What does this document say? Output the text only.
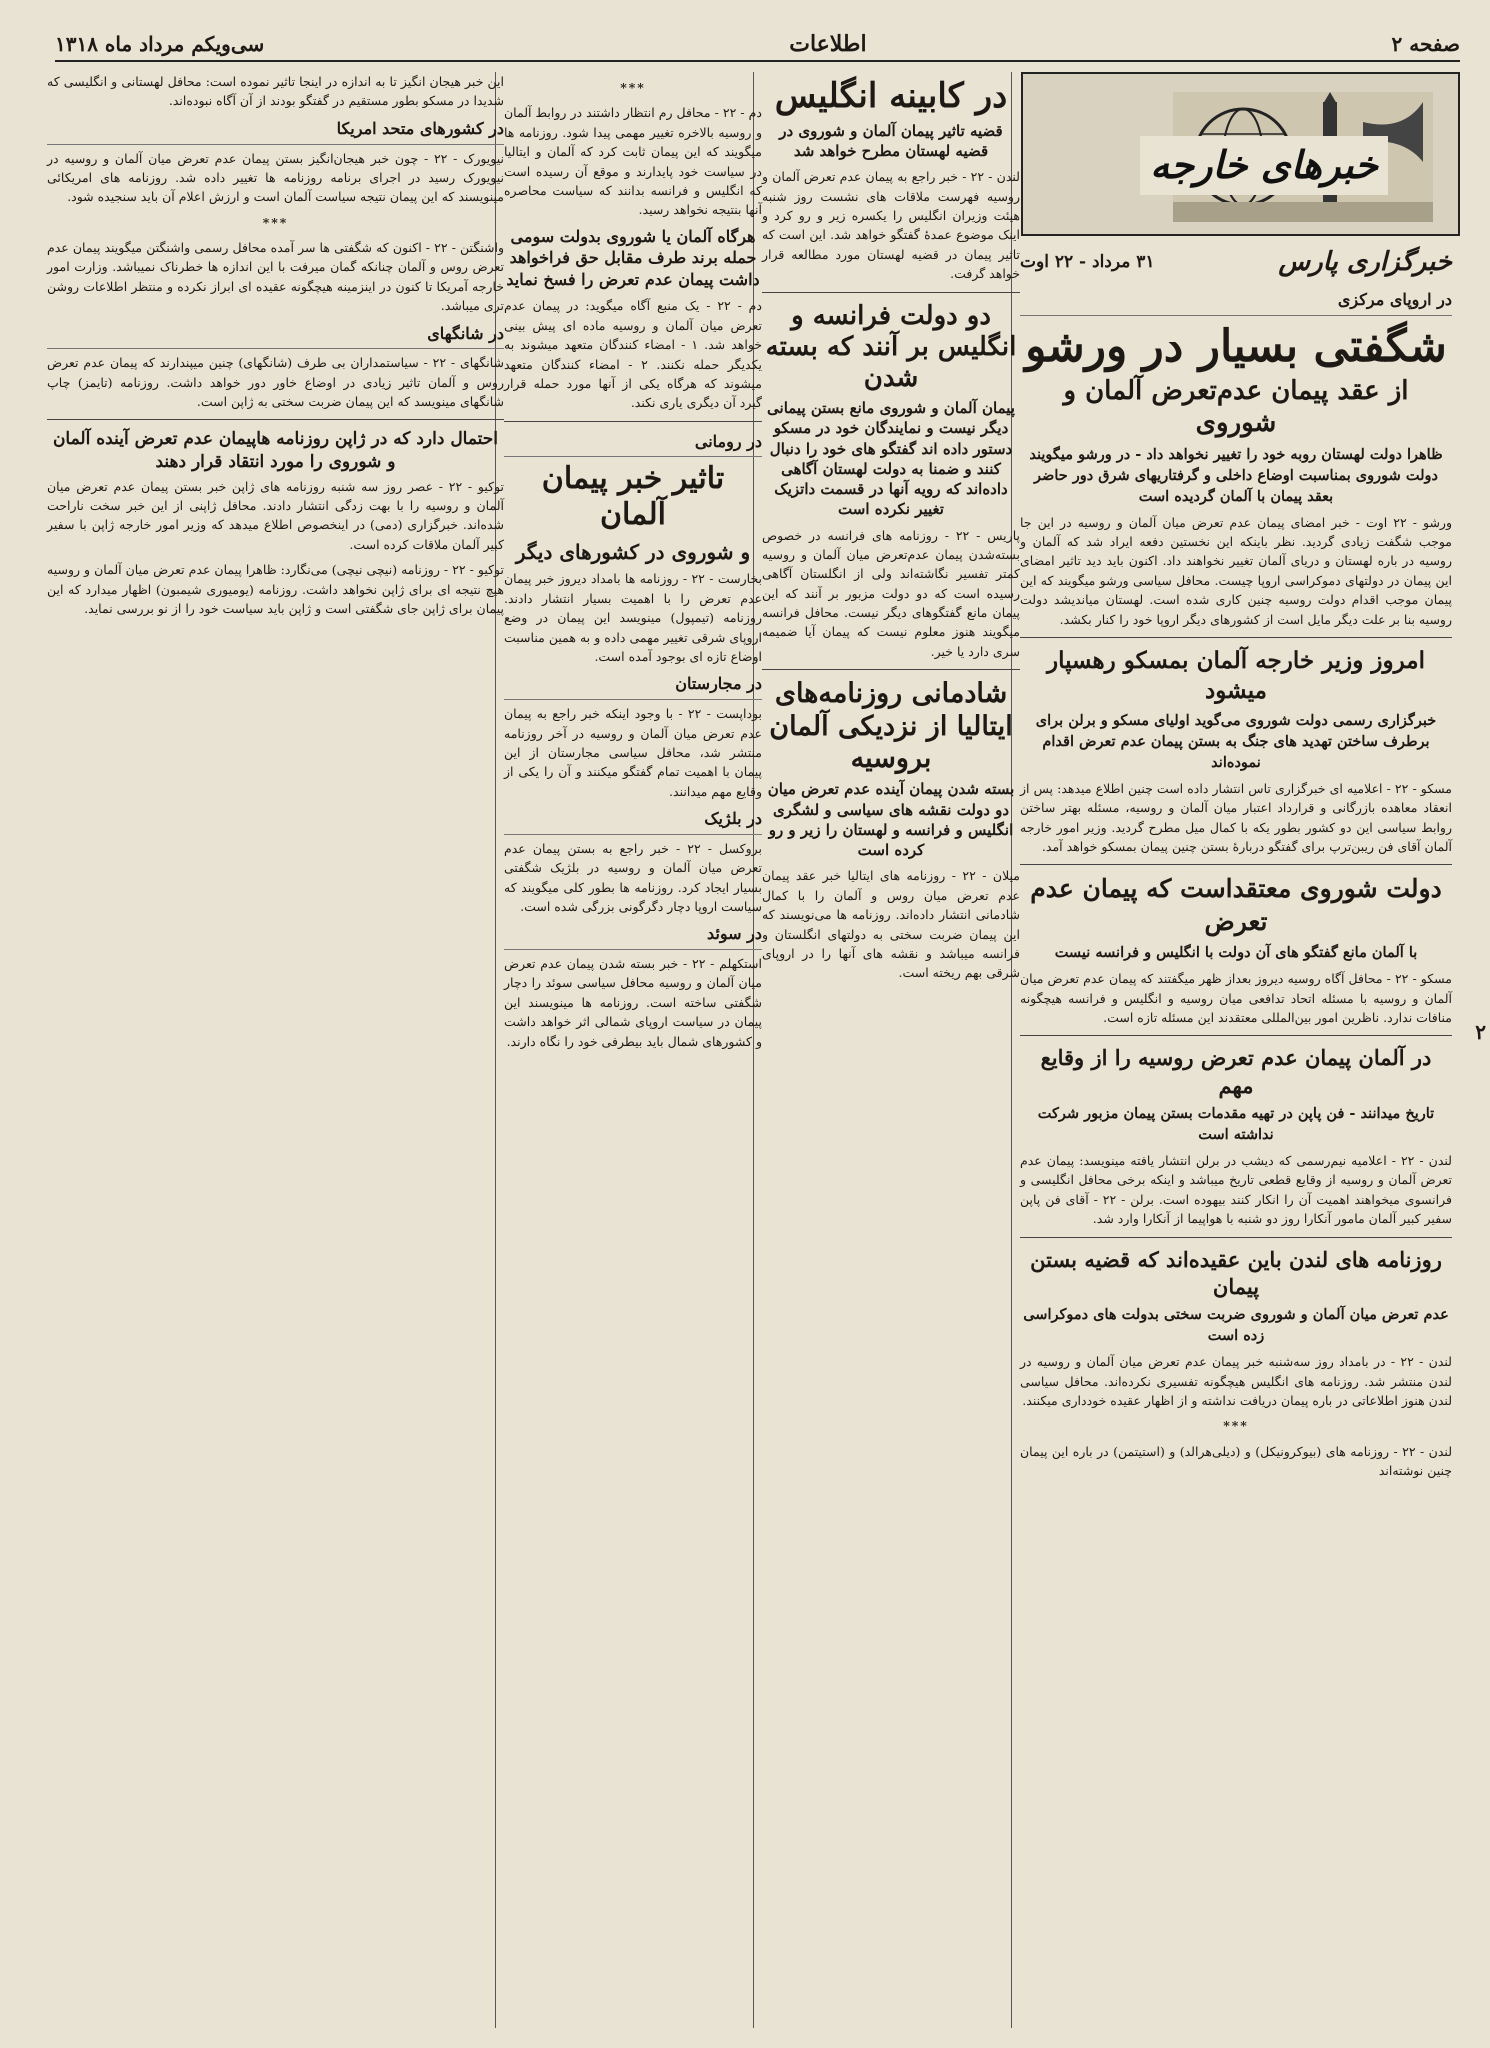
صفحه ۲
اطلاعات
سی‌ویکم مرداد ماه ۱۳۱۸
خبرهای خارجه
خبرگزاری پارس
۳۱ مرداد - ۲۲ اوت
در اروپای مرکزی
شگفتی بسیار در ورشو
از عقد پیمان عدم‌تعرض آلمان و شوروی
ظاهرا دولت لهستان روبه خود را تغییر نخواهد داد - در ورشو میگویند دولت شوروی بمناسبت اوضاع داخلی و گرفتاریهای شرق دور حاضر بعقد پیمان با آلمان گردیده است

ورشو - ۲۲ اوت - خبر امضای پیمان عدم تعرض میان آلمان و روسیه در این جا موجب شگفت زیادی گردید. نظر باینکه این نخستین دفعه ایراد شد که آلمان و روسیه در باره لهستان و دریای آلمان تغییر نخواهند داد. اکنون باید دید تاثیر امضای این پیمان در دولتهای دموکراسی اروپا چیست. محافل سیاسی ورشو میگویند که این پیمان موجب اقدام دولت روسیه چنین کاری شده است. لهستان میاندیشد دولت روسیه بنا بر علت دیگر مایل است از کشورهای دیگر اروپا خود را کنار بکشد.

امروز وزیر خارجه آلمان بمسکو رهسپار میشود
خبرگزاری رسمی دولت شوروی می‌گوید اولیای مسکو و برلن برای برطرف ساختن تهدید های جنگ به بستن پیمان عدم تعرض اقدام نموده‌اند

مسکو - ۲۲ - اعلامیه ای خبرگزاری تاس انتشار داده است چنین اطلاع میدهد: پس از انعقاد معاهده بازرگانی و قرارداد اعتبار میان آلمان و روسیه، مسئله بهتر ساختن روابط سیاسی این دو کشور بطور یکه با کمال میل مطرح گردید. وزیر امور خارجه آلمان آقای فن ریبن‌ترپ برای گفتگو دربارهٔ بستن چنین پیمان بمسکو خواهد آمد.

دولت شوروی معتقداست که پیمان عدم تعرض
با آلمان مانع گفتگو های آن دولت با انگلیس و فرانسه نیست

مسکو - ۲۲ - محافل آگاه روسیه دیروز بعداز ظهر میگفتند که پیمان عدم تعرض میان آلمان و روسیه با مسئله اتحاد تدافعی میان روسیه و انگلیس و فرانسه هیچگونه منافات ندارد. ناظرین امور بین‌المللی معتقدند این مسئله تازه است.

در آلمان پیمان عدم تعرض روسیه را از وقایع مهم
تاریخ میدانند - فن پاپن در تهیه مقدمات بستن پیمان مزبور شرکت نداشته است

لندن - ۲۲ - اعلامیه نیم‌رسمی که دیشب در برلن انتشار یافته مینویسد: پیمان عدم تعرض آلمان و روسیه از وقایع قطعی تاریخ میباشد و اینکه برخی محافل انگلیسی و فرانسوی میخواهند اهمیت آن را انکار کنند بیهوده است. برلن - ۲۲ - آقای فن پاپن سفیر کبیر آلمان مامور آنکارا روز دو شنبه با هواپیما از آنکارا وارد شد.

روزنامه های لندن باین عقیده‌اند که قضیه بستن پیمان
عدم تعرض میان آلمان و شوروی ضربت سختی بدولت های دموکراسی زده است

لندن - ۲۲ - در بامداد روز سه‌شنبه خبر پیمان عدم تعرض میان آلمان و روسیه در لندن منتشر شد. روزنامه های انگلیس هیچگونه تفسیری نکرده‌اند. محافل سیاسی لندن هنوز اطلاعاتی در باره پیمان دریافت نداشته و از اظهار عقیده خودداری میکنند.

***

لندن - ۲۲ - روزنامه های (بیوکرونیکل) و (دیلی‌هرالد) و (استیتمن) در باره این پیمان چنین نوشته‌اند

در کابینه انگلیس
قضیه تاثیر پیمان آلمان و شوروی در قضیه لهستان مطرح خواهد شد

لندن - ۲۲ - خبر راجع به پیمان عدم تعرض آلمان و روسیه فهرست ملاقات های نشست روز شنبه هیئت وزیران انگلیس را یکسره زیر و رو کرد و اینک موضوع عمدهٔ گفتگو خواهد شد. این است که تاثیر پیمان در قضیه لهستان مورد مطالعه قرار خواهد گرفت.

دو دولت فرانسه و انگلیس بر آنند که بسته شدن
پیمان آلمان و شوروی مانع بستن پیمانی دیگر نیست و نمایندگان خود در مسکو دستور داده اند گفتگو های خود را دنبال کنند و ضمنا به دولت لهستان آگاهی داده‌اند که رویه آنها در قسمت داتزیک تغییر نکرده است

پاریس - ۲۲ - روزنامه های فرانسه در خصوص بسته‌شدن پیمان عدم‌تعرض میان آلمان و روسیه کمتر تفسیر نگاشته‌اند ولی از انگلستان آگاهی رسیده است که دو دولت مزبور بر آنند که این پیمان مانع گفتگوهای دیگر نیست. محافل فرانسه میگویند هنوز معلوم نیست که پیمان آیا ضمیمه سری دارد یا خیر.

شادمانی روزنامه‌های ایتالیا از نزدیکی آلمان بروسیه
بسته شدن پیمان آینده عدم تعرض میان دو دولت نقشه های سیاسی و لشگری انگلیس و فرانسه و لهستان را زیر و رو کرده است

میلان - ۲۲ - روزنامه های ایتالیا خبر عقد پیمان عدم تعرض میان روس و آلمان را با کمال شادمانی انتشار داده‌اند. روزنامه ها می‌نویسند که این پیمان ضربت سختی به دولتهای انگلستان و فرانسه میباشد و نقشه های آنها را در اروپای شرقی بهم ریخته است.

***

دم - ۲۲ - محافل رم انتظار داشتند در روابط آلمان و روسیه بالاخره تغییر مهمی پیدا شود. روزنامه ها میگویند که این پیمان ثابت کرد که آلمان و ایتالیا در سیاست خود پایدارند و موقع آن رسیده است که انگلیس و فرانسه بدانند که سیاست محاصره آنها بنتیجه نخواهد رسید.

هرگاه آلمان یا شوروی بدولت سومی حمله برند طرف مقابل حق فراخواهد داشت پیمان عدم تعرض را فسخ نماید

دم - ۲۲ - یک منبع آگاه میگوید: در پیمان عدم تعرض میان آلمان و روسیه ماده ای پیش بینی خواهد شد. ۱ - امضاء کنندگان متعهد میشوند به یکدیگر حمله نکنند. ۲ - امضاء کنندگان متعهد میشوند که هرگاه یکی از آنها مورد حمله قرار گیرد آن دیگری یاری نکند.

در رومانی
تاثیر خبر پیمان آلمان
و شوروی در کشورهای دیگر

بخارست - ۲۲ - روزنامه ها بامداد دیروز خبر پیمان عدم تعرض را با اهمیت بسیار انتشار دادند. روزنامه (تیمپول) مینویسد این پیمان در وضع اروپای شرقی تغییر مهمی داده و به همین مناسبت اوضاع تازه ای بوجود آمده است.

در مجارستان

بوداپست - ۲۲ - با وجود اینکه خبر راجع به پیمان عدم تعرض میان آلمان و روسیه در آخر روزنامه منتشر شد، محافل سیاسی مجارستان از این پیمان با اهمیت تمام گفتگو میکنند و آن را یکی از وقایع مهم میدانند.

در بلژیک

بروکسل - ۲۲ - خبر راجع به بستن پیمان عدم تعرض میان آلمان و روسیه در بلژیک شگفتی بسیار ایجاد کرد. روزنامه ها بطور کلی میگویند که سیاست اروپا دچار دگرگونی بزرگی شده است.

در سوئد

استکهلم - ۲۲ - خبر بسته شدن پیمان عدم تعرض میان آلمان و روسیه محافل سیاسی سوئد را دچار شگفتی ساخته است. روزنامه ها مینویسند این پیمان در سیاست اروپای شمالی اثر خواهد داشت و کشورهای شمال باید بیطرفی خود را نگاه دارند.

این خبر هیجان انگیز تا به اندازه در اینجا تاثیر نموده است: محافل لهستانی و انگلیسی که شدیدا در مسکو بطور مستقیم در گفتگو بودند از آن آگاه نبوده‌اند.

در کشورهای متحد امریکا

نیویورک - ۲۲ - چون خبر هیجان‌انگیز بستن پیمان عدم تعرض میان آلمان و روسیه در نیویورک رسید در اجرای برنامه روزنامه ها تغییر داده شد. روزنامه های امریکائی مینویسند که این پیمان نتیجه سیاست آلمان است و ارزش اعلام آن باید سنجیده شود.

***

واشنگتن - ۲۲ - اکنون که شگفتی ها سر آمده محافل رسمی واشنگتن میگویند پیمان عدم تعرض روس و آلمان چنانکه گمان میرفت با این اندازه ها خطرناک نمیباشد. وزارت امور خارجه آمریکا تا کنون در اینزمینه هیچگونه عقیده ای ابراز نکرده و منتظر اطلاعات روشن تری میباشد.

در شانگهای

شانگهای - ۲۲ - سیاستمداران بی طرف (شانگهای) چنین میپندارند که پیمان عدم تعرض روس و آلمان تاثیر زیادی در اوضاع خاور دور خواهد داشت. روزنامه (تایمز) چاپ شانگهای مینویسد که این پیمان ضربت سختی به ژاپن است.

احتمال دارد که در ژاپن روزنامه هاپیمان عدم تعرض آینده آلمان و شوروی را مورد انتقاد قرار دهند

توکیو - ۲۲ - عصر روز سه شنبه روزنامه های ژاپن خبر بستن پیمان عدم تعرض میان آلمان و روسیه را با بهت زدگی انتشار دادند. محافل ژاپنی از این خبر سخت ناراحت شده‌اند. خبرگزاری (دمی) در اینخصوص اطلاع میدهد که وزیر امور خارجه ژاپن با سفیر کبیر آلمان ملاقات کرده است.

توکیو - ۲۲ - روزنامه (نیچی نیچی) می‌نگارد: ظاهرا پیمان عدم تعرض میان آلمان و روسیه هیچ نتیجه ای برای ژاپن نخواهد داشت. روزنامه (یومیوری شیمبون) اظهار میدارد که این پیمان برای ژاپن جای شگفتی است و ژاپن باید سیاست خود را از نو بررسی نماید.

۲
